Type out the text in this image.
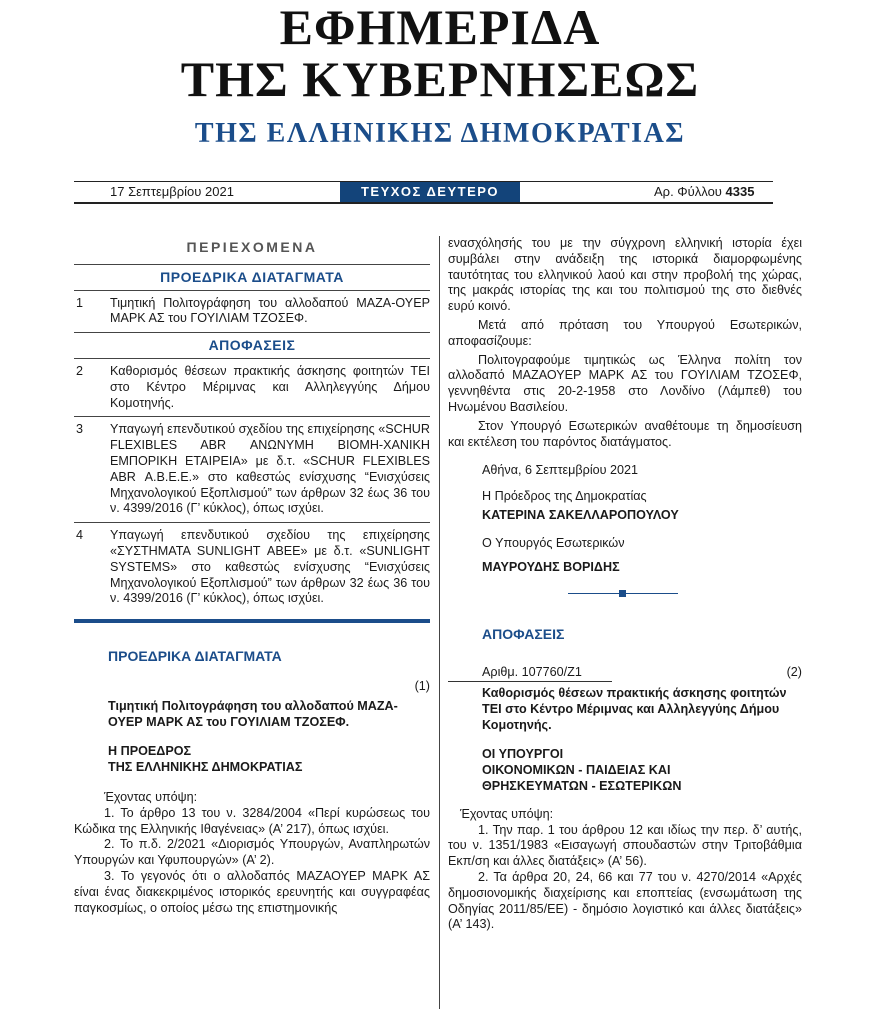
ΕΦΗΜΕΡΙΔΑ
ΤΗΣ ΚΥΒΕΡΝΗΣΕΩΣ
ΤΗΣ ΕΛΛΗΝΙΚΗΣ ΔΗΜΟΚΡΑΤΙΑΣ
17 Σεπτεμβρίου 2021	ΤΕΥΧΟΣ ΔΕΥΤΕΡΟ	Αρ. Φύλλου 4335
ΠΕΡΙΕΧΟΜΕΝΑ
ΠΡΟΕΔΡΙΚΑ ΔΙΑΤΑΓΜΑΤΑ
1	Τιμητική Πολιτογράφηση του αλλοδαπού ΜΑΖΑ-ΟΥΕΡ ΜΑΡΚ ΑΣ του ΓΟΥΙΛΙΑΜ ΤΖΟΣΕΦ.
ΑΠΟΦΑΣΕΙΣ
2	Καθορισμός θέσεων πρακτικής άσκησης φοιτητών ΤΕΙ στο Κέντρο Μέριμνας και Αλληλεγγύης Δήμου Κομοτηνής.
3	Υπαγωγή επενδυτικού σχεδίου της επιχείρησης «SCHUR FLEXIBLES ABR ΑΝΩΝΥΜΗ ΒΙΟΜΗ-ΧΑΝΙΚΗ ΕΜΠΟΡΙΚΗ ΕΤΑΙΡΕΙΑ» με δ.τ. «SCHUR FLEXIBLES ABR Α.Β.Ε.Ε.» στο καθεστώς ενίσχυσης “Ενισχύσεις Μηχανολογικού Εξοπλισμού” των άρθρων 32 έως 36 του ν. 4399/2016 (Γ’ κύκλος), όπως ισχύει.
4	Υπαγωγή επενδυτικού σχεδίου της επιχείρησης «ΣΥΣΤΗΜΑΤΑ SUNLIGHT ΑΒΕΕ» με δ.τ. «SUNLIGHT SYSTEMS» στο καθεστώς ενίσχυσης “Ενισχύσεις Μηχανολογικού Εξοπλισμού” των άρθρων 32 έως 36 του ν. 4399/2016 (Γ’ κύκλος), όπως ισχύει.
ΠΡΟΕΔΡΙΚΑ ΔΙΑΤΑΓΜΑΤΑ
(1)
Τιμητική Πολιτογράφηση του αλλοδαπού ΜΑΖΑ-ΟΥΕΡ ΜΑΡΚ ΑΣ του ΓΟΥΙΛΙΑΜ ΤΖΟΣΕΦ.
Η ΠΡΟΕΔΡΟΣ
ΤΗΣ ΕΛΛΗΝΙΚΗΣ ΔΗΜΟΚΡΑΤΙΑΣ
Έχοντας υπόψη:
1. Το άρθρο 13 του ν. 3284/2004 «Περί κυρώσεως του Κώδικα της Ελληνικής Ιθαγένειας» (Α’ 217), όπως ισχύει.
2. Το π.δ. 2/2021 «Διορισμός Υπουργών, Αναπληρωτών Υπουργών και Υφυπουργών» (Α’ 2).
3. Το γεγονός ότι ο αλλοδαπός ΜΑΖΑΟΥΕΡ ΜΑΡΚ ΑΣ είναι ένας διακεκριμένος ιστορικός ερευνητής και συγγραφέας παγκοσμίως, ο οποίος μέσω της επιστημονικής
ενασχόλησής του με την σύγχρονη ελληνική ιστορία έχει συμβάλει στην ανάδειξη της ιστορικά διαμορφωμένης ταυτότητας του ελληνικού λαού και στην προβολή της χώρας, της μακράς ιστορίας της και του πολιτισμού της στο διεθνές ευρύ κοινό.
Μετά από πρόταση του Υπουργού Εσωτερικών, αποφασίζουμε:
Πολιτογραφούμε τιμητικώς ως Έλληνα πολίτη τον αλλοδαπό ΜΑΖΑΟΥΕΡ ΜΑΡΚ ΑΣ του ΓΟΥΙΛΙΑΜ ΤΖΟΣΕΦ, γεννηθέντα στις 20-2-1958 στο Λονδίνο (Λάμπεθ) του Ηνωμένου Βασιλείου.
Στον Υπουργό Εσωτερικών αναθέτουμε τη δημοσίευση και εκτέλεση του παρόντος διατάγματος.
Αθήνα, 6 Σεπτεμβρίου 2021
Η Πρόεδρος της Δημοκρατίας
ΚΑΤΕΡΙΝΑ ΣΑΚΕΛΛΑΡΟΠΟΥΛΟΥ
Ο Υπουργός Εσωτερικών
ΜΑΥΡΟΥΔΗΣ ΒΟΡΙΔΗΣ
ΑΠΟΦΑΣΕΙΣ
Αριθμ. 107760/Ζ1	(2)
Καθορισμός θέσεων πρακτικής άσκησης φοιτητών ΤΕΙ στο Κέντρο Μέριμνας και Αλληλεγγύης Δήμου Κομοτηνής.
ΟΙ ΥΠΟΥΡΓΟΙ
ΟΙΚΟΝΟΜΙΚΩΝ - ΠΑΙΔΕΙΑΣ ΚΑΙ
ΘΡΗΣΚΕΥΜΑΤΩΝ - ΕΣΩΤΕΡΙΚΩΝ
Έχοντας υπόψη:
1. Την παρ. 1 του άρθρου 12 και ιδίως την περ. δ’ αυτής, του ν. 1351/1983 «Εισαγωγή σπουδαστών στην Τριτοβάθμια Εκπ/ση και άλλες διατάξεις» (Α’ 56).
2. Τα άρθρα 20, 24, 66 και 77 του ν. 4270/2014 «Αρχές δημοσιονομικής διαχείρισης και εποπτείας (ενσωμάτωση της Οδηγίας 2011/85/ΕΕ) - δημόσιο λογιστικό και άλλες διατάξεις» (Α’ 143).
